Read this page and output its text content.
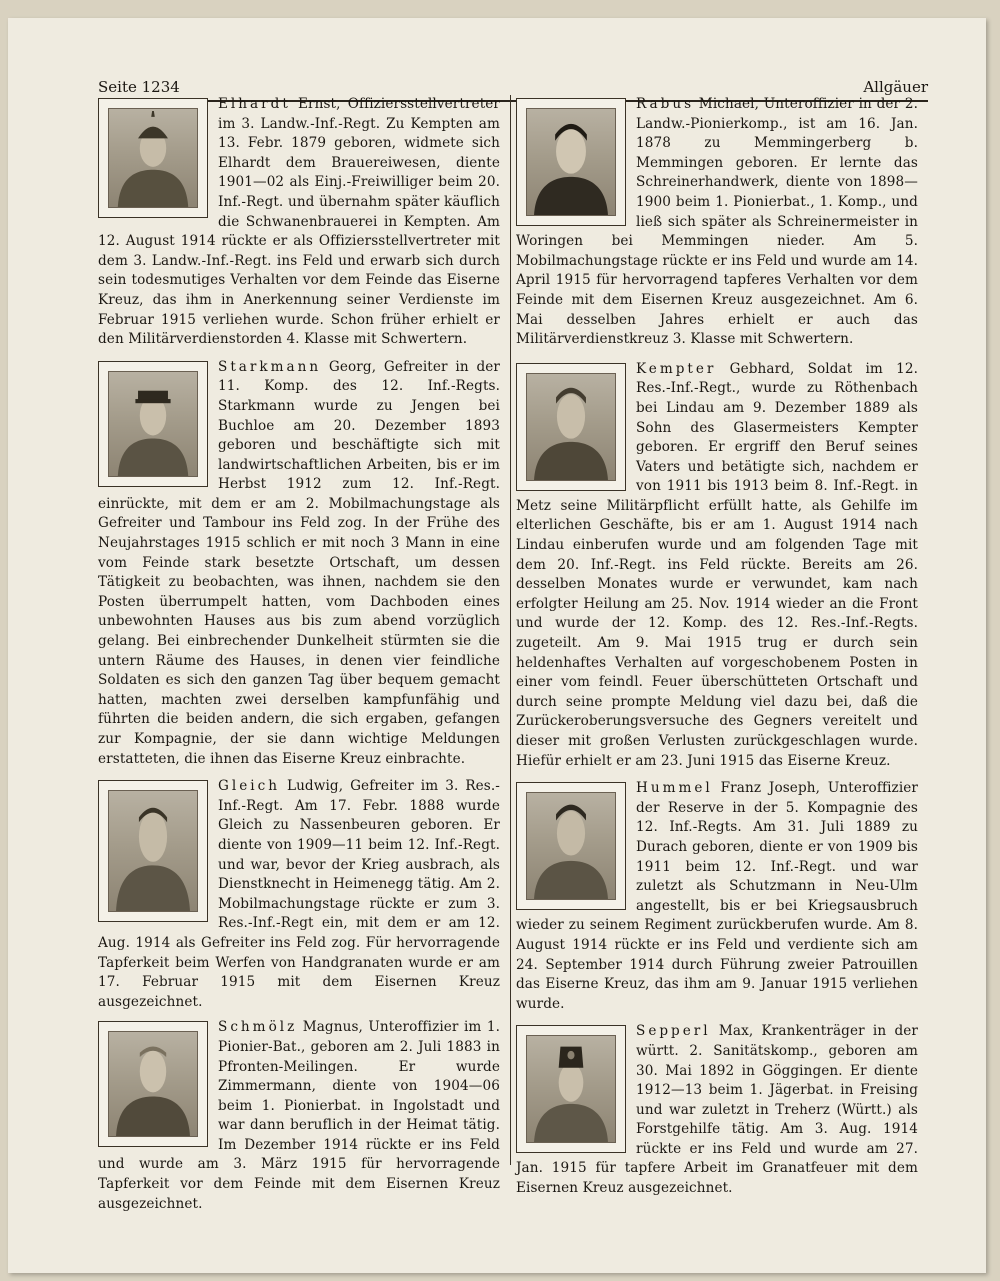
Seite 1234	Allgäuer
Elhardt Ernst, Offiziersstellvertreter im 3. Landw.-Inf.-Regt. Zu Kempten am 13. Febr. 1879 geboren, widmete sich Elhardt dem Brauereiwesen, diente 1901—02 als Einj.-Freiwilliger beim 20. Inf.-Regt. und übernahm später käuflich die Schwanenbrauerei in Kempten. Am 12. August 1914 rückte er als Offiziersstellvertreter mit dem 3. Landw.-Inf.-Regt. ins Feld und erwarb sich durch sein todesmutiges Verhalten vor dem Feinde das Eiserne Kreuz, das ihm in Anerkennung seiner Verdienste im Februar 1915 verliehen wurde. Schon früher erhielt er den Militärverdienstorden 4. Klasse mit Schwertern.
Starkmann Georg, Gefreiter in der 11. Komp. des 12. Inf.-Regts. Starkmann wurde zu Jengen bei Buchloe am 20. Dezember 1893 geboren und beschäftigte sich mit landwirtschaftlichen Arbeiten, bis er im Herbst 1912 zum 12. Inf.-Regt. einrückte, mit dem er am 2. Mobilmachungstage als Gefreiter und Tambour ins Feld zog. In der Frühe des Neujahrstages 1915 schlich er mit noch 3 Mann in eine vom Feinde stark besetzte Ortschaft, um dessen Tätigkeit zu beobachten, was ihnen, nachdem sie den Posten überrumpelt hatten, vom Dachboden eines unbewohnten Hauses aus bis zum abend vorzüglich gelang. Bei einbrechender Dunkelheit stürmten sie die untern Räume des Hauses, in denen vier feindliche Soldaten es sich den ganzen Tag über bequem gemacht hatten, machten zwei derselben kampfunfähig und führten die beiden andern, die sich ergaben, gefangen zur Kompagnie, der sie dann wichtige Meldungen erstatteten, die ihnen das Eiserne Kreuz einbrachte.
Gleich Ludwig, Gefreiter im 3. Res.-Inf.-Regt. Am 17. Febr. 1888 wurde Gleich zu Nassenbeuren geboren. Er diente von 1909—11 beim 12. Inf.-Regt. und war, bevor der Krieg ausbrach, als Dienstknecht in Heimenegg tätig. Am 2. Mobilmachungstage rückte er zum 3. Res.-Inf.-Regt ein, mit dem er am 12. Aug. 1914 als Gefreiter ins Feld zog. Für hervorragende Tapferkeit beim Werfen von Handgranaten wurde er am 17. Februar 1915 mit dem Eisernen Kreuz ausgezeichnet.
Schmölz Magnus, Unteroffizier im 1. Pionier-Bat., geboren am 2. Juli 1883 in Pfronten-Meilingen. Er wurde Zimmermann, diente von 1904—06 beim 1. Pionierbat. in Ingolstadt und war dann beruflich in der Heimat tätig. Im Dezember 1914 rückte er ins Feld und wurde am 3. März 1915 für hervorragende Tapferkeit vor dem Feinde mit dem Eisernen Kreuz ausgezeichnet.
Rabus Michael, Unteroffizier in der 2. Landw.-Pionierkomp., ist am 16. Jan. 1878 zu Memmingerberg b. Memmingen geboren. Er lernte das Schreinerhandwerk, diente von 1898—1900 beim 1. Pionierbat., 1. Komp., und ließ sich später als Schreinermeister in Woringen bei Memmingen nieder. Am 5. Mobilmachungstage rückte er ins Feld und wurde am 14. April 1915 für hervorragend tapferes Verhalten vor dem Feinde mit dem Eisernen Kreuz ausgezeichnet. Am 6. Mai desselben Jahres erhielt er auch das Militärverdienstkreuz 3. Klasse mit Schwertern.
Kempter Gebhard, Soldat im 12. Res.-Inf.-Regt., wurde zu Röthenbach bei Lindau am 9. Dezember 1889 als Sohn des Glasermeisters Kempter geboren. Er ergriff den Beruf seines Vaters und betätigte sich, nachdem er von 1911 bis 1913 beim 8. Inf.-Regt. in Metz seine Militärpflicht erfüllt hatte, als Gehilfe im elterlichen Geschäfte, bis er am 1. August 1914 nach Lindau einberufen wurde und am folgenden Tage mit dem 20. Inf.-Regt. ins Feld rückte. Bereits am 26. desselben Monates wurde er verwundet, kam nach erfolgter Heilung am 25. Nov. 1914 wieder an die Front und wurde der 12. Komp. des 12. Res.-Inf.-Regts. zugeteilt. Am 9. Mai 1915 trug er durch sein heldenhaftes Verhalten auf vorgeschobenem Posten in einer vom feindl. Feuer überschütteten Ortschaft und durch seine prompte Meldung viel dazu bei, daß die Zurückeroberungsversuche des Gegners vereitelt und dieser mit großen Verlusten zurückgeschlagen wurde. Hiefür erhielt er am 23. Juni 1915 das Eiserne Kreuz.
Hummel Franz Joseph, Unteroffizier der Reserve in der 5. Kompagnie des 12. Inf.-Regts. Am 31. Juli 1889 zu Durach geboren, diente er von 1909 bis 1911 beim 12. Inf.-Regt. und war zuletzt als Schutzmann in Neu-Ulm angestellt, bis er bei Kriegsausbruch wieder zu seinem Regiment zurückberufen wurde. Am 8. August 1914 rückte er ins Feld und verdiente sich am 24. September 1914 durch Führung zweier Patrouillen das Eiserne Kreuz, das ihm am 9. Januar 1915 verliehen wurde.
Sepperl Max, Krankenträger in der württ. 2. Sanitätskomp., geboren am 30. Mai 1892 in Göggingen. Er diente 1912—13 beim 1. Jägerbat. in Freising und war zuletzt in Treherz (Württ.) als Forstgehilfe tätig. Am 3. Aug. 1914 rückte er ins Feld und wurde am 27. Jan. 1915 für tapfere Arbeit im Granatfeuer mit dem Eisernen Kreuz ausgezeichnet.
